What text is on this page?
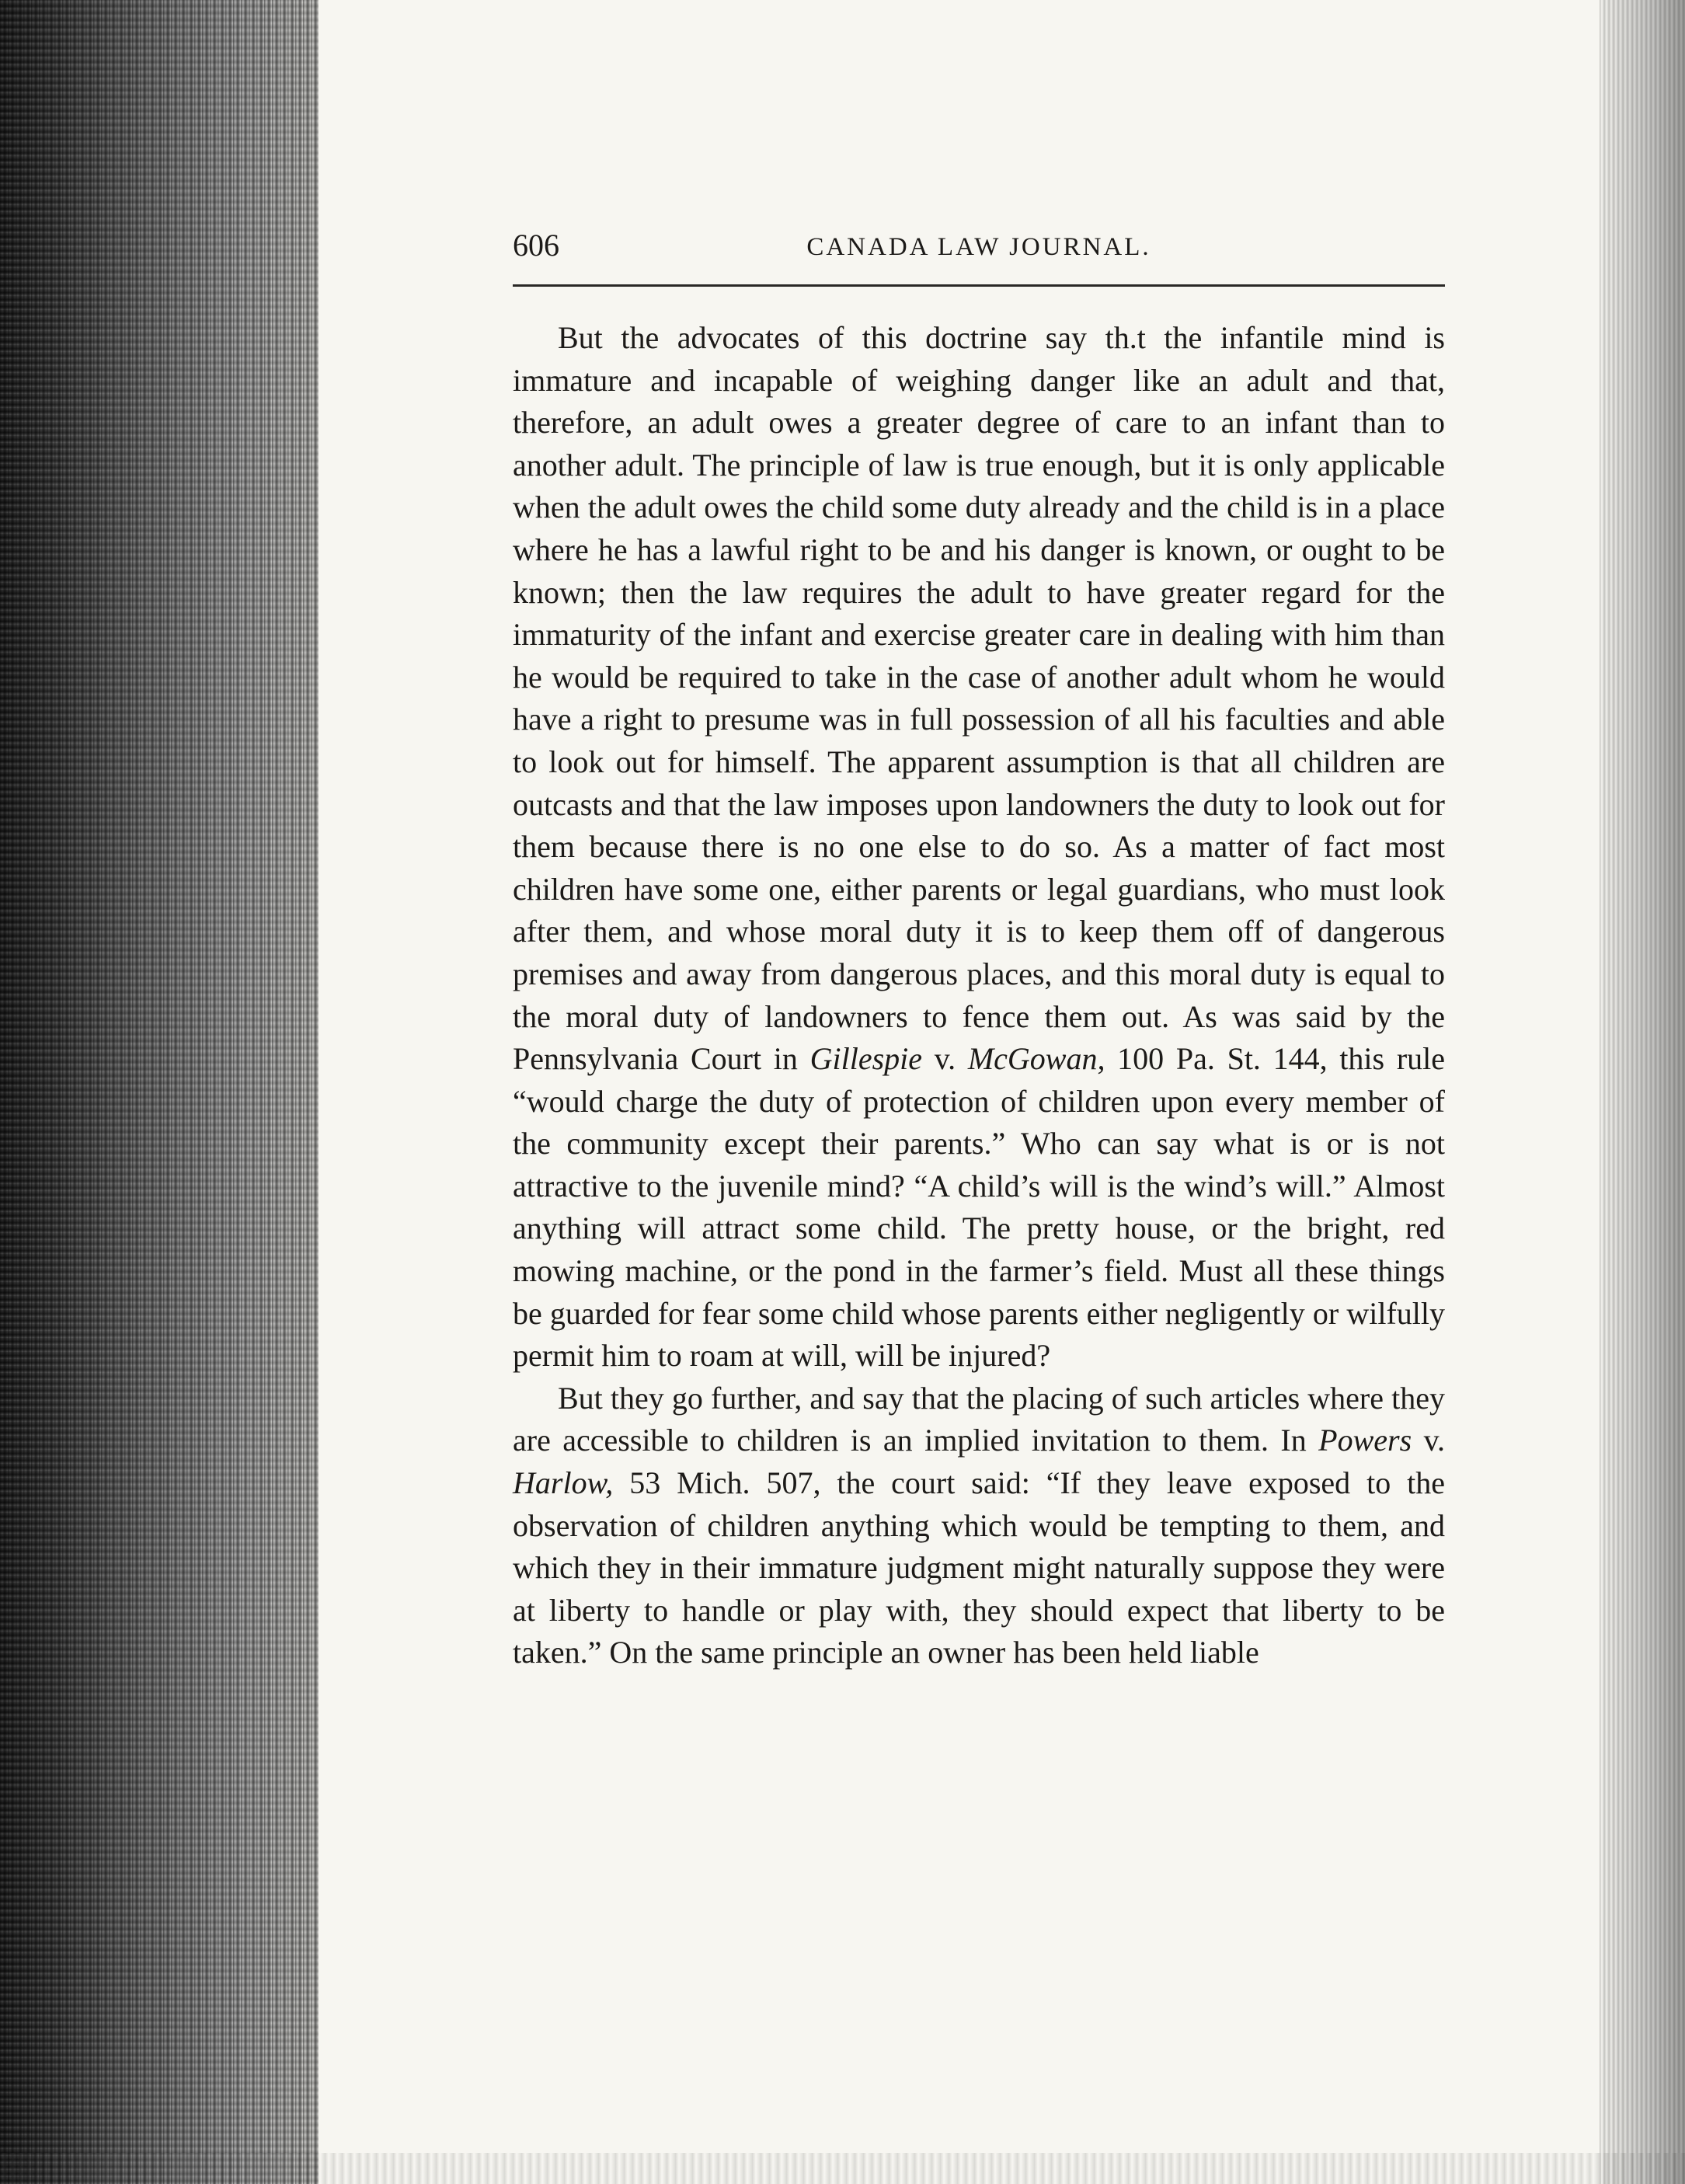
606	CANADA LAW JOURNAL.

But the advocates of this doctrine say th.t the infantile mind is immature and incapable of weighing danger like an adult and that, therefore, an adult owes a greater degree of care to an infant than to another adult. The principle of law is true enough, but it is only applicable when the adult owes the child some duty already and the child is in a place where he has a lawful right to be and his danger is known, or ought to be known; then the law requires the adult to have greater regard for the immaturity of the infant and exercise greater care in dealing with him than he would be required to take in the case of another adult whom he would have a right to presume was in full possession of all his faculties and able to look out for himself. The apparent assumption is that all children are outcasts and that the law imposes upon landowners the duty to look out for them because there is no one else to do so. As a matter of fact most children have some one, either parents or legal guardians, who must look after them, and whose moral duty it is to keep them off of dangerous premises and away from dangerous places, and this moral duty is equal to the moral duty of landowners to fence them out. As was said by the Pennsylvania Court in Gillespie v. McGowan, 100 Pa. St. 144, this rule “would charge the duty of protection of children upon every member of the community except their parents.” Who can say what is or is not attractive to the juvenile mind? “A child’s will is the wind’s will.” Almost anything will attract some child. The pretty house, or the bright, red mowing machine, or the pond in the farmer’s field. Must all these things be guarded for fear some child whose parents either negligently or wilfully permit him to roam at will, will be injured?

But they go further, and say that the placing of such articles where they are accessible to children is an implied invitation to them. In Powers v. Harlow, 53 Mich. 507, the court said: “If they leave exposed to the observation of children anything which would be tempting to them, and which they in their immature judgment might naturally suppose they were at liberty to handle or play with, they should expect that liberty to be taken.” On the same principle an owner has been held liable
